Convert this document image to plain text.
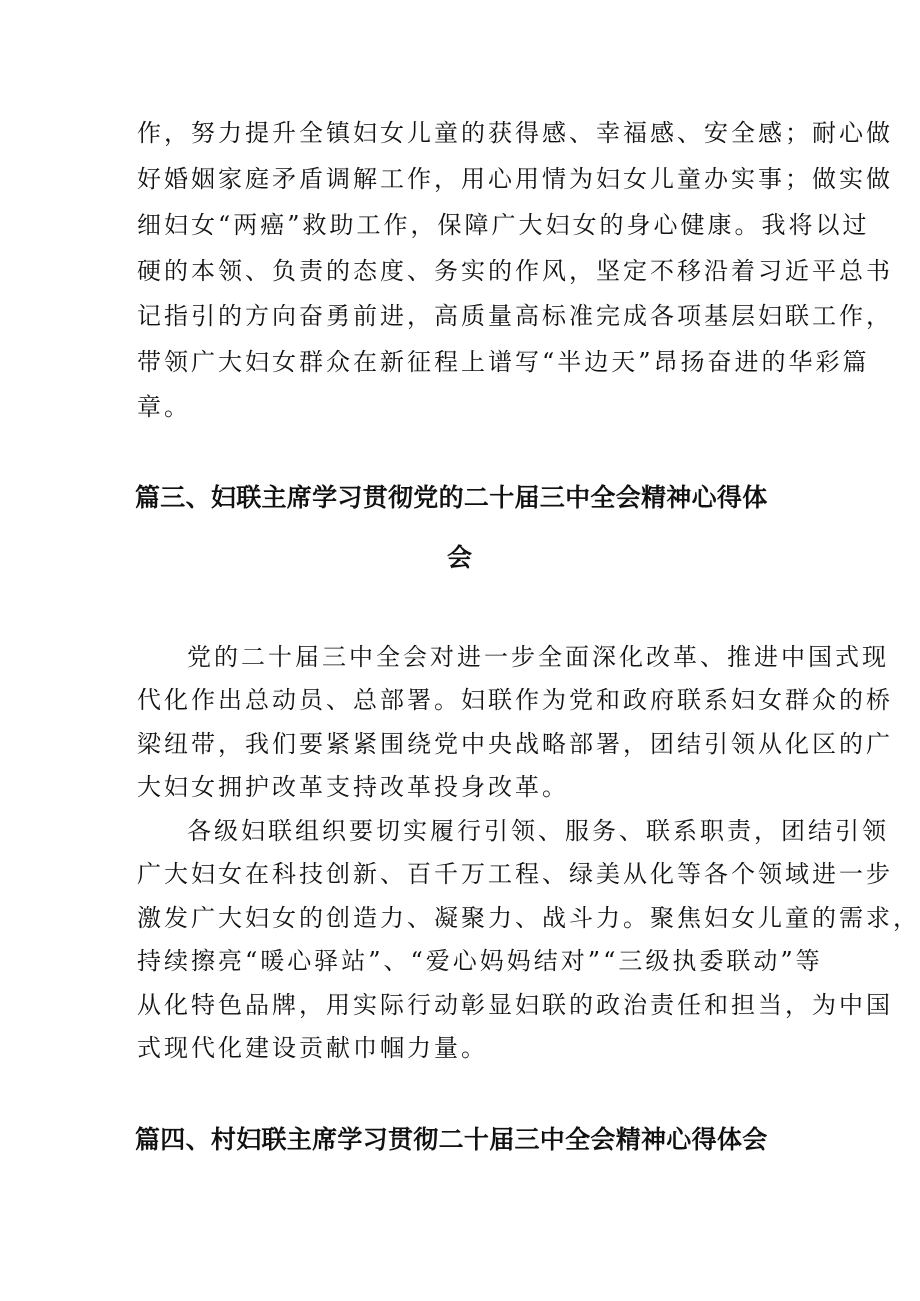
作，努力提升全镇妇女儿童的获得感、幸福感、安全感；耐心做

好婚姻家庭矛盾调解工作，用心用情为妇女儿童办实事；做实做

细妇女“两癌”救助工作，保障广大妇女的身心健康。我将以过

硬的本领、负责的态度、务实的作风，坚定不移沿着习近平总书

记指引的方向奋勇前进，高质量高标准完成各项基层妇联工作，

带领广大妇女群众在新征程上谱写“半边天”昂扬奋进的华彩篇

章。

篇三、妇联主席学习贯彻党的二十届三中全会精神心得体
会

党的二十届三中全会对进一步全面深化改革、推进中国式现

代化作出总动员、总部署。妇联作为党和政府联系妇女群众的桥

梁纽带，我们要紧紧围绕党中央战略部署，团结引领从化区的广

大妇女拥护改革支持改革投身改革。

各级妇联组织要切实履行引领、服务、联系职责，团结引领

广大妇女在科技创新、百千万工程、绿美从化等各个领域进一步

激发广大妇女的创造力、凝聚力、战斗力。聚焦妇女儿童的需求，

持续擦亮“暖心驿站”、“爱心妈妈结对”“三级执委联动”等

从化特色品牌，用实际行动彰显妇联的政治责任和担当，为中国

式现代化建设贡献巾帼力量。

篇四、村妇联主席学习贯彻二十届三中全会精神心得体会
